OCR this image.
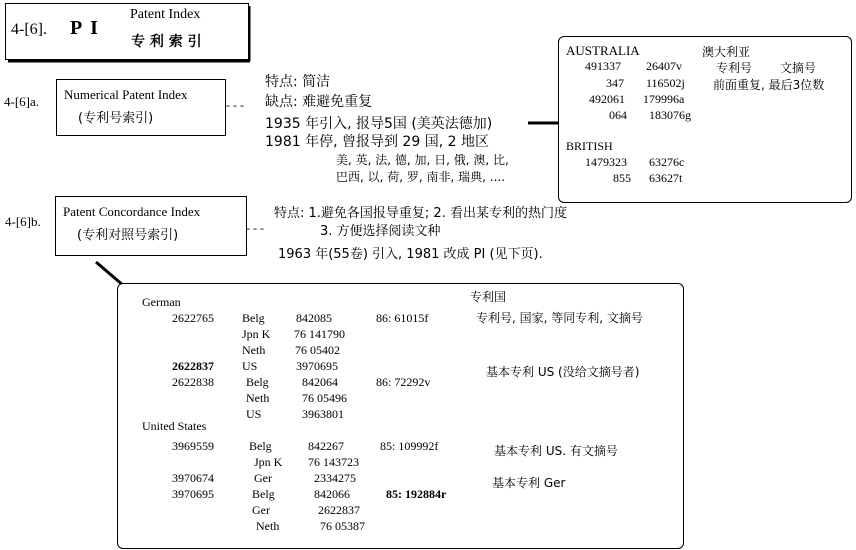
4-[6]. P I
Patent Index
专 利 索 引
4-[6]a. Numerical Patent Index
(专利号索引)
- - -
特点: 简洁
缺点: 难避免重复
1935 年引入, 报导5国 (美英法德加)
1981 年停, 曾报导到 29 国, 2 地区
美, 英, 法, 德, 加, 日, 俄, 澳, 比,
巴西, 以, 荷, 罗, 南非, 瑞典, ....
AUSTRALIA	澳大利亚
专利号 文摘号
前面重复, 最后3位数
491337 26407v
347 116502j
492061 179996a
064 183076g
BRITISH
1479323 63276c
855 63627t
4-[6]b.
Patent Concordance Index
(专利对照号索引)	- - -
特点: 1.避免各国报导重复; 2. 看出某专利的热门度
3. 方便选择阅读文种
1963 年(55卷) 引入, 1981 改成 PI (见下页).
German	专利国
专利号, 国家, 等同专利, 文摘号
基本专利 US (没给文摘号者)
United States
基本专利 US. 有文摘号
基本专利 Ger
2622765 Belg	842085	86: 61015f
Jpn K 76 141790
Neth 76 05402
2622837 US	3970695
2622838	Belg	842064	86: 72292v
Neth	76 05496
US	3963801
3969559	Belg	842267	85: 109992f
Jpn K 76 143723
3970674	Ger	2334275
3970695	Belg	842066	85: 192884r
Ger	2622837
Neth	76 05387
